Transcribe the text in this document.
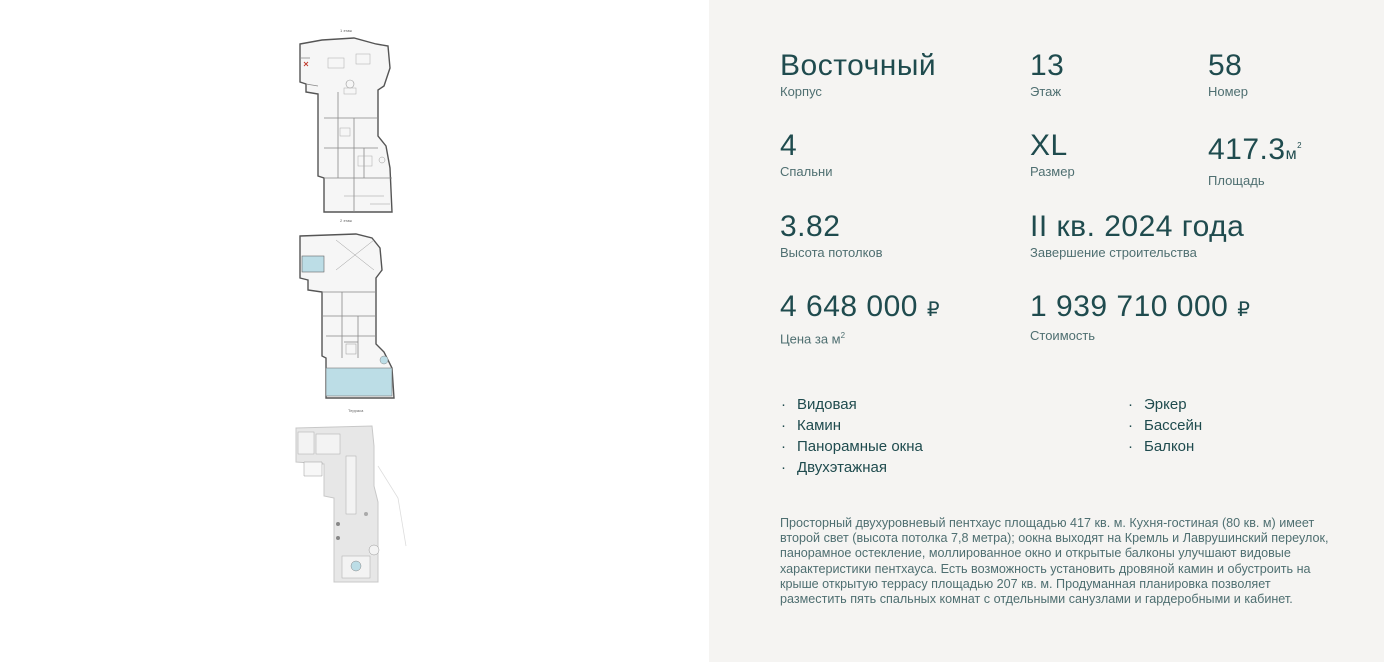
1 этаж
2 этаж
Терраса
Восточный
Корпус
13
Этаж
58
Номер
4
Спальни
XL
Размер
$417.3м^2$
Площадь
3.82
Высота потолков
II кв. 2024 года
Завершение строительства
4 648 000 ₽
Цена за $м^2$
1 939 710 000 ₽
Стоимость
· Видовая
· Камин
· Панорамные окна
· Двухэтажная
· Эркер
· Бассейн
· Балкон

Просторный двухуровневый пентхаус площадью 417 кв. м. Кухня-гостиная (80 кв. м) имеет второй свет (высота потолка 7,8 метра); оокна выходят на Кремль и Лаврушинский переулок, панорамное остекление, моллированное окно и открытые балконы улучшают видовые характеристики пентхауса. Есть возможность установить дровяной камин и обустроить на крыше открытую террасу площадью 207 кв. м. Продуманная планировка позволяет разместить пять спальных комнат с отдельными санузлами и гардеробными и кабинет.
